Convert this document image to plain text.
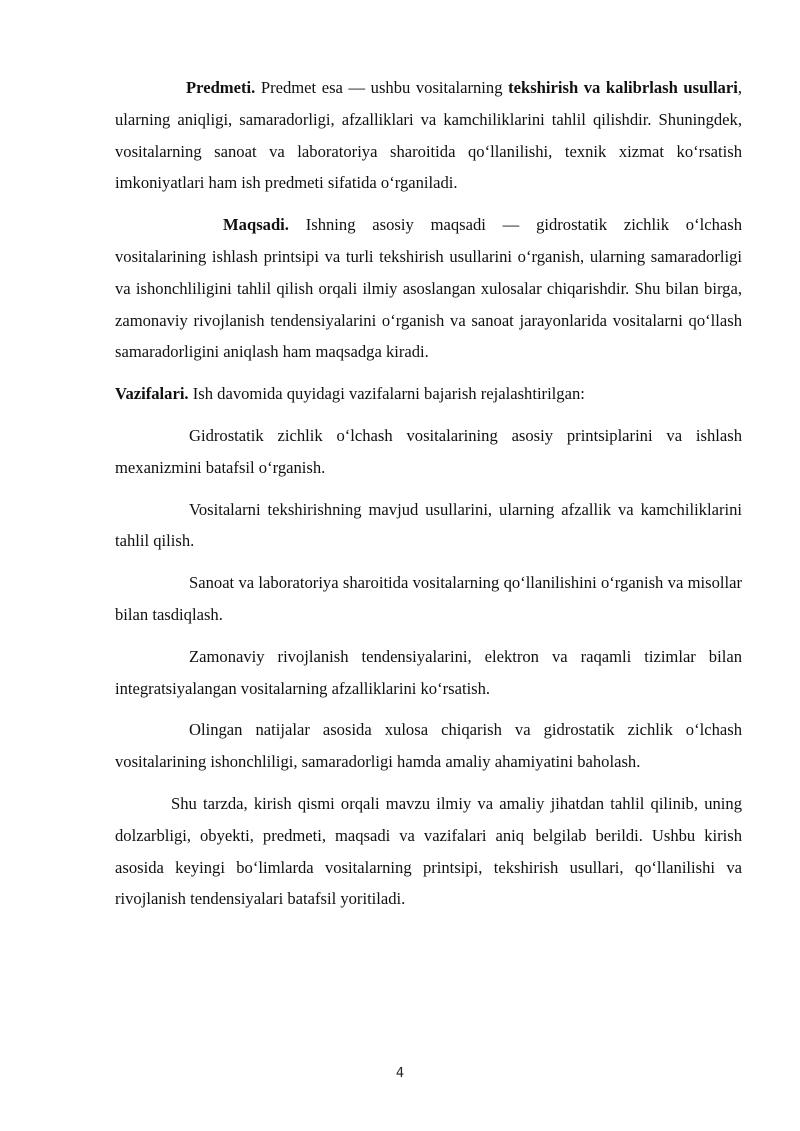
Predmeti. Predmet esa — ushbu vositalarning tekshirish va kalibrlash usullari, ularning aniqligi, samaradorligi, afzalliklari va kamchiliklarini tahlil qilishdir. Shuningdek, vositalarning sanoat va laboratoriya sharoitida qo‘llanilishi, texnik xizmat ko‘rsatish imkoniyatlari ham ish predmeti sifatida o‘rganiladi.

Maqsadi. Ishning asosiy maqsadi — gidrostatik zichlik o‘lchash vositalarining ishlash printsipi va turli tekshirish usullarini o‘rganish, ularning samaradorligi va ishonchliligini tahlil qilish orqali ilmiy asoslangan xulosalar chiqarishdir. Shu bilan birga, zamonaviy rivojlanish tendensiyalarini o‘rganish va sanoat jarayonlarida vositalarni qo‘llash samaradorligini aniqlash ham maqsadga kiradi.

Vazifalari. Ish davomida quyidagi vazifalarni bajarish rejalashtirilgan:

Gidrostatik zichlik o‘lchash vositalarining asosiy printsiplarini va ishlash mexanizmini batafsil o‘rganish.

Vositalarni tekshirishning mavjud usullarini, ularning afzallik va kamchiliklarini tahlil qilish.

Sanoat va laboratoriya sharoitida vositalarning qo‘llanilishini o‘rganish va misollar bilan tasdiqlash.

Zamonaviy rivojlanish tendensiyalarini, elektron va raqamli tizimlar bilan integratsiyalangan vositalarning afzalliklarini ko‘rsatish.

Olingan natijalar asosida xulosa chiqarish va gidrostatik zichlik o‘lchash vositalarining ishonchliligi, samaradorligi hamda amaliy ahamiyatini baholash.

Shu tarzda, kirish qismi orqali mavzu ilmiy va amaliy jihatdan tahlil qilinib, uning dolzarbligi, obyekti, predmeti, maqsadi va vazifalari aniq belgilab berildi. Ushbu kirish asosida keyingi bo‘limlarda vositalarning printsipi, tekshirish usullari, qo‘llanilishi va rivojlanish tendensiyalari batafsil yoritiladi.

4
